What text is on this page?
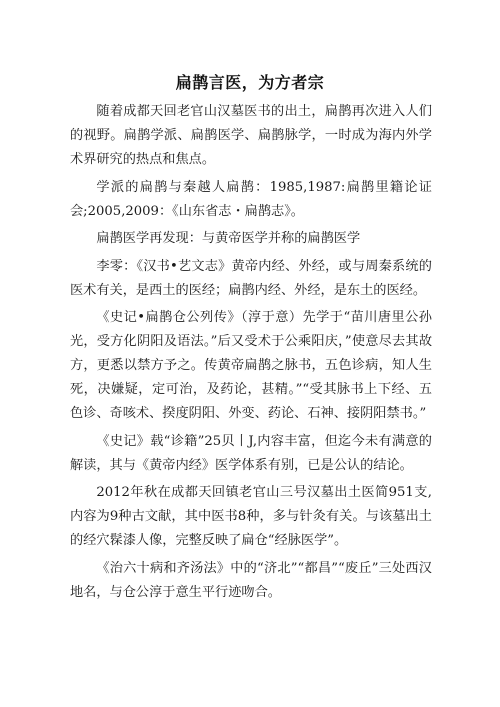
扁鹊言医，为方者宗

随着成都天回老官山汉墓医书的出土，扁鹊再次进入人们的视野。扁鹊学派、扁鹊医学、扁鹊脉学，一时成为海内外学术界研究的热点和焦点。

学派的扁鹊与秦越人扁鹊：1985,1987:扁鹊里籍论证会;2005,2009：《山东省志・扁鹊志》。

扁鹊医学再发现：与黄帝医学并称的扁鹊医学

李零：《汉书•艺文志》黄帝内经、外经，或与周秦系统的医术有关，是西土的医经；扁鹊内经、外经，是东土的医经。

《史记•扁鹊仓公列传》（淳于意）先学于“苗川唐里公孙光，受方化阴阳及语法。”后又受术于公乘阳庆，”使意尽去其故方，更悉以禁方予之。传黄帝扁鹊之脉书，五色诊病，知人生死，决嫌疑，定可治，及药论，甚精。”“受其脉书上下经、五色诊、奇咳术、揆度阴阳、外变、药论、石神、接阴阳禁书。”

《史记》载“诊籍”25贝丨J,内容丰富，但迄今未有满意的解读，其与《黄帝内经》医学体系有别，已是公认的结论。

2012年秋在成都天回镇老官山三号汉墓出土医简951支,内容为9种古文献，其中医书8种，多与针灸有关。与该墓出土的经穴髹漆人像，完整反映了扁仓“经脉医学”。

《治六十病和齐汤法》中的“济北”“都昌”“废丘”三处西汉地名，与仓公淳于意生平行迹吻合。
